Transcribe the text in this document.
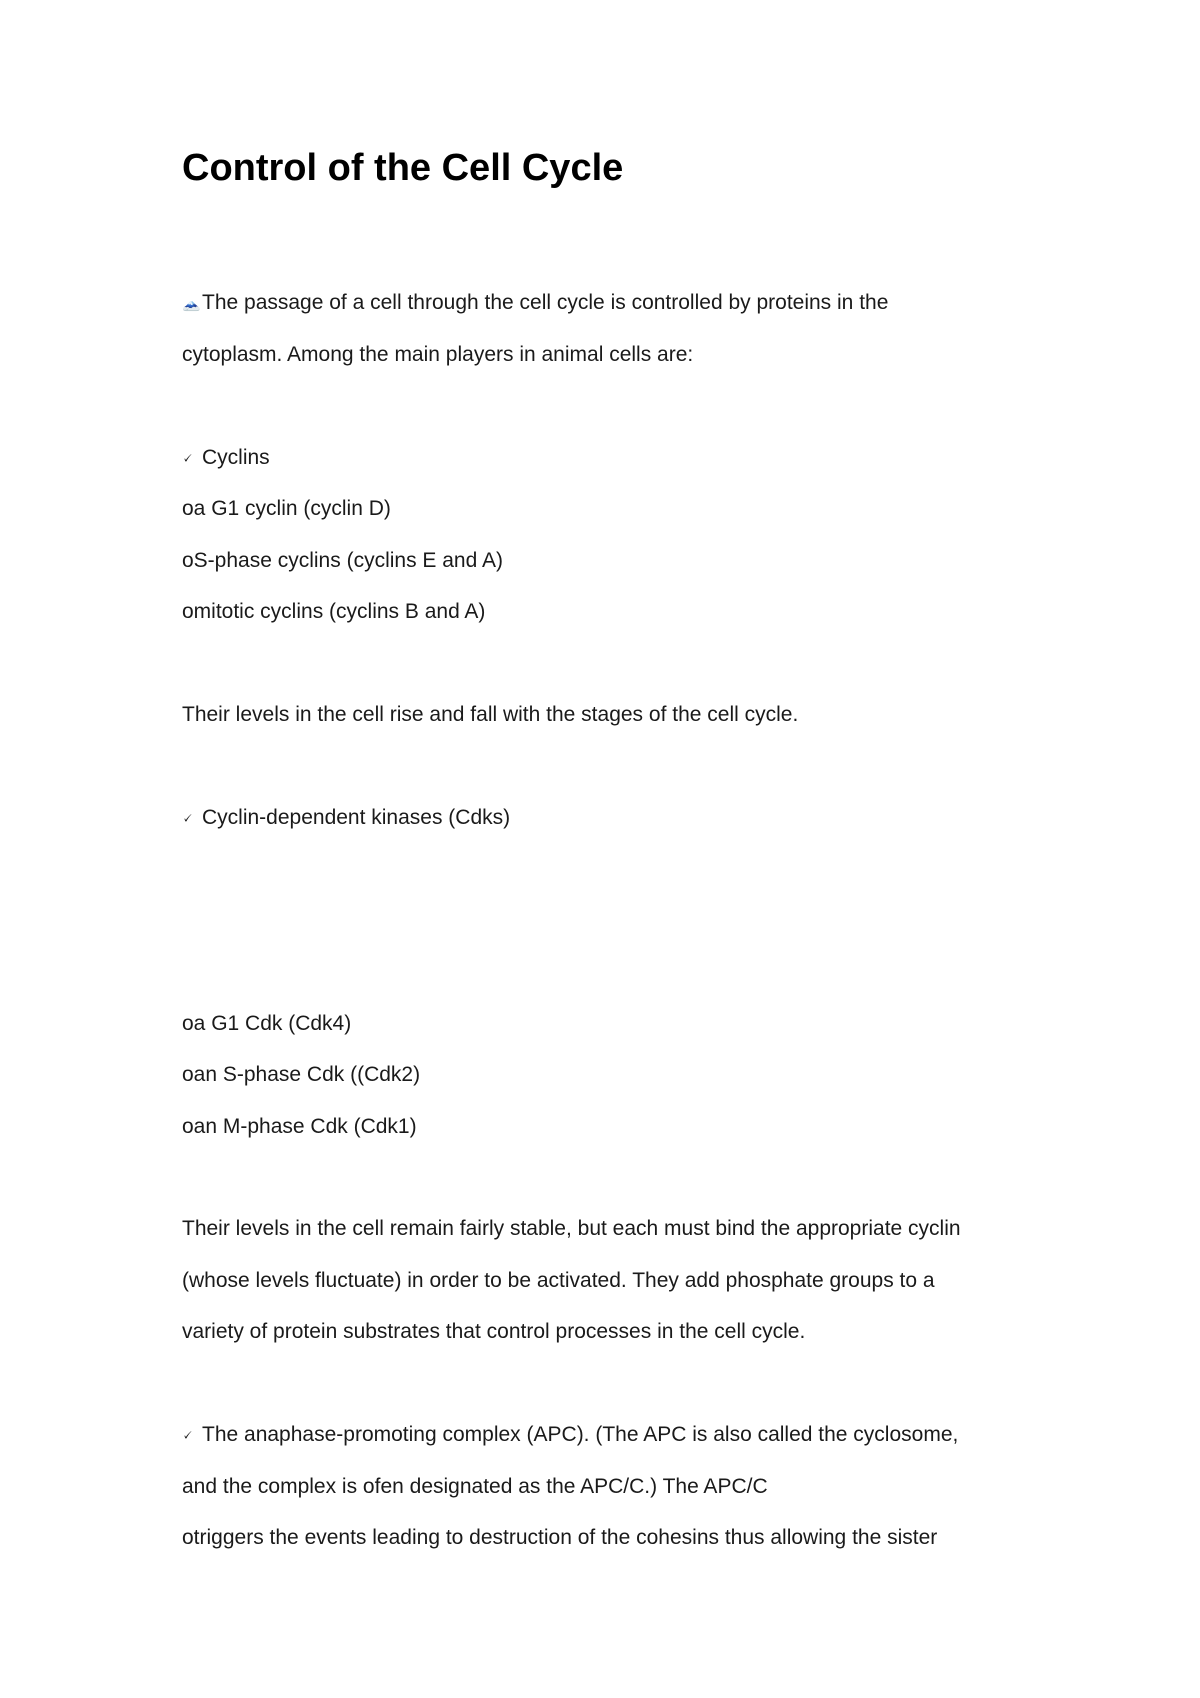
Control of the Cell Cycle

🗻The passage of a cell through the cell cycle is controlled by proteins in the

cytoplasm. Among the main players in animal cells are:

🗸 Cyclins

oa G1 cyclin (cyclin D)

oS-phase cyclins (cyclins E and A)

omitotic cyclins (cyclins B and A)

Their levels in the cell rise and fall with the stages of the cell cycle.

🗸 Cyclin-dependent kinases (Cdks)

oa G1 Cdk (Cdk4)

oan S-phase Cdk ((Cdk2)

oan M-phase Cdk (Cdk1)

Their levels in the cell remain fairly stable, but each must bind the appropriate cyclin

(whose levels fluctuate) in order to be activated. They add phosphate groups to a

variety of protein substrates that control processes in the cell cycle.

🗸 The anaphase-promoting complex (APC). (The APC is also called the cyclosome,

and the complex is ofen designated as the APC/C.) The APC/C

otriggers the events leading to destruction of the cohesins thus allowing the sister
